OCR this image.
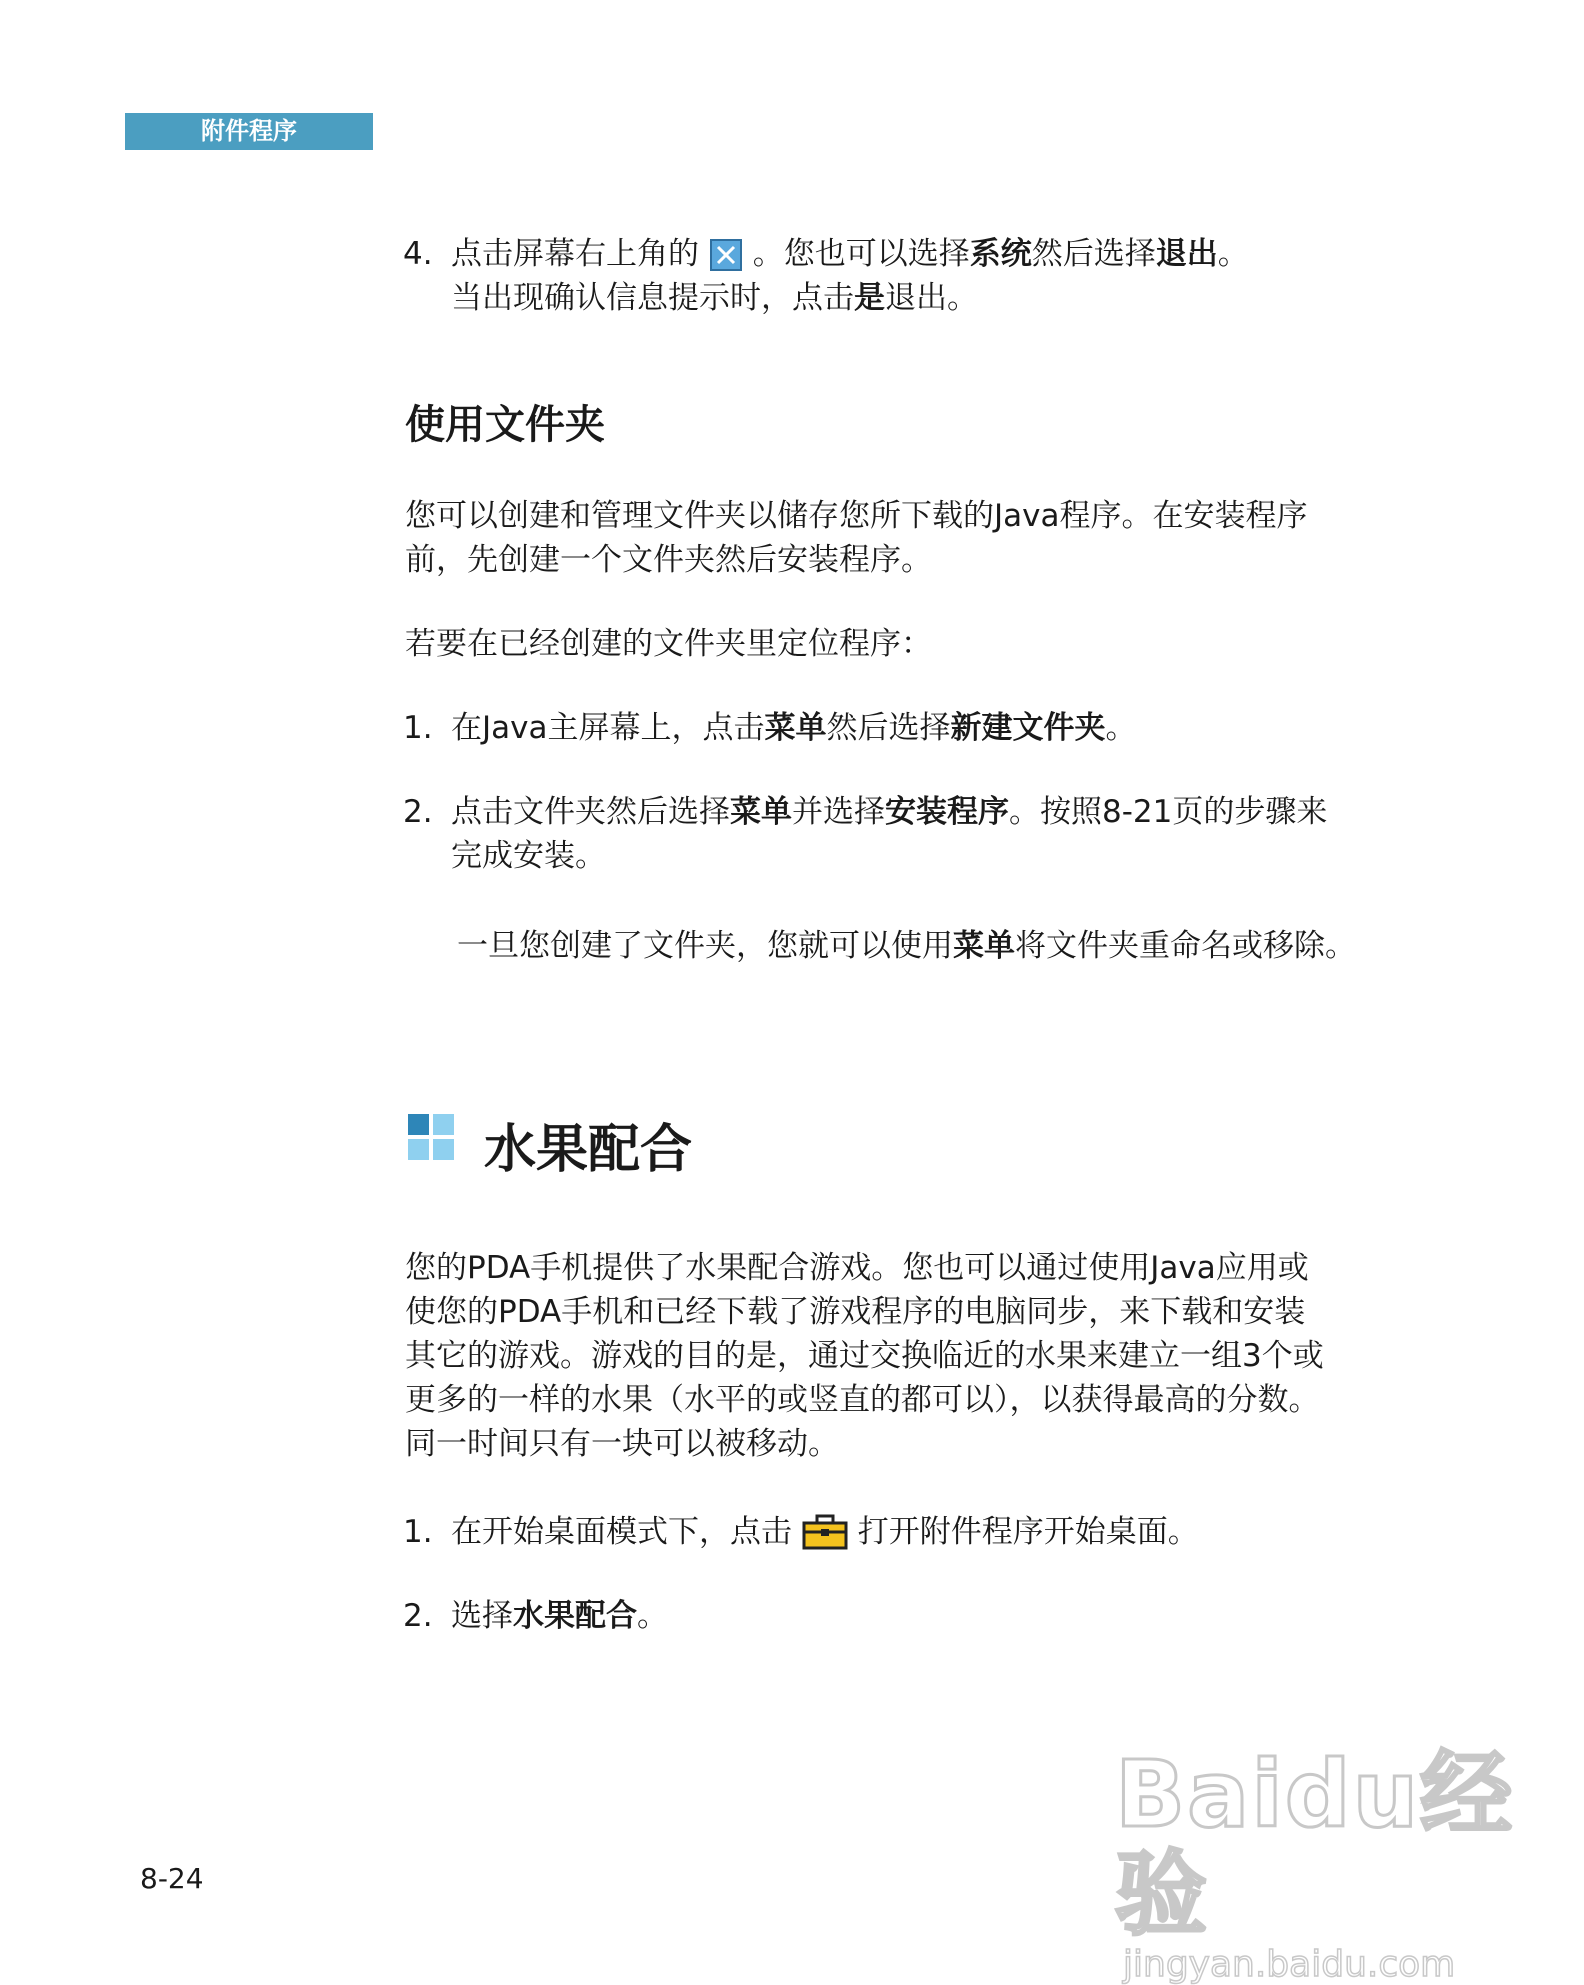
附件程序
4. 点击屏幕右上角的 。您也可以选择系统然后选择退出。
当出现确认信息提示时，点击是退出。
使用文件夹
您可以创建和管理文件夹以储存您所下载的Java程序。在安装程序
前，先创建一个文件夹然后安装程序。
若要在已经创建的文件夹里定位程序：
1. 在Java主屏幕上，点击菜单然后选择新建文件夹。
2. 点击文件夹然后选择菜单并选择安装程序。按照8-21页的步骤来
完成安装。
一旦您创建了文件夹，您就可以使用菜单将文件夹重命名或移除。
水果配合
您的PDA手机提供了水果配合游戏。您也可以通过使用Java应用或
使您的PDA手机和已经下载了游戏程序的电脑同步，来下载和安装
其它的游戏。游戏的目的是，通过交换临近的水果来建立一组3个或
更多的一样的水果（水平的或竖直的都可以），以获得最高的分数。
同一时间只有一块可以被移动。
1. 在开始桌面模式下，点击 打开附件程序开始桌面。
2. 选择水果配合。
8-24
Baidu经验
jingyan.baidu.com
